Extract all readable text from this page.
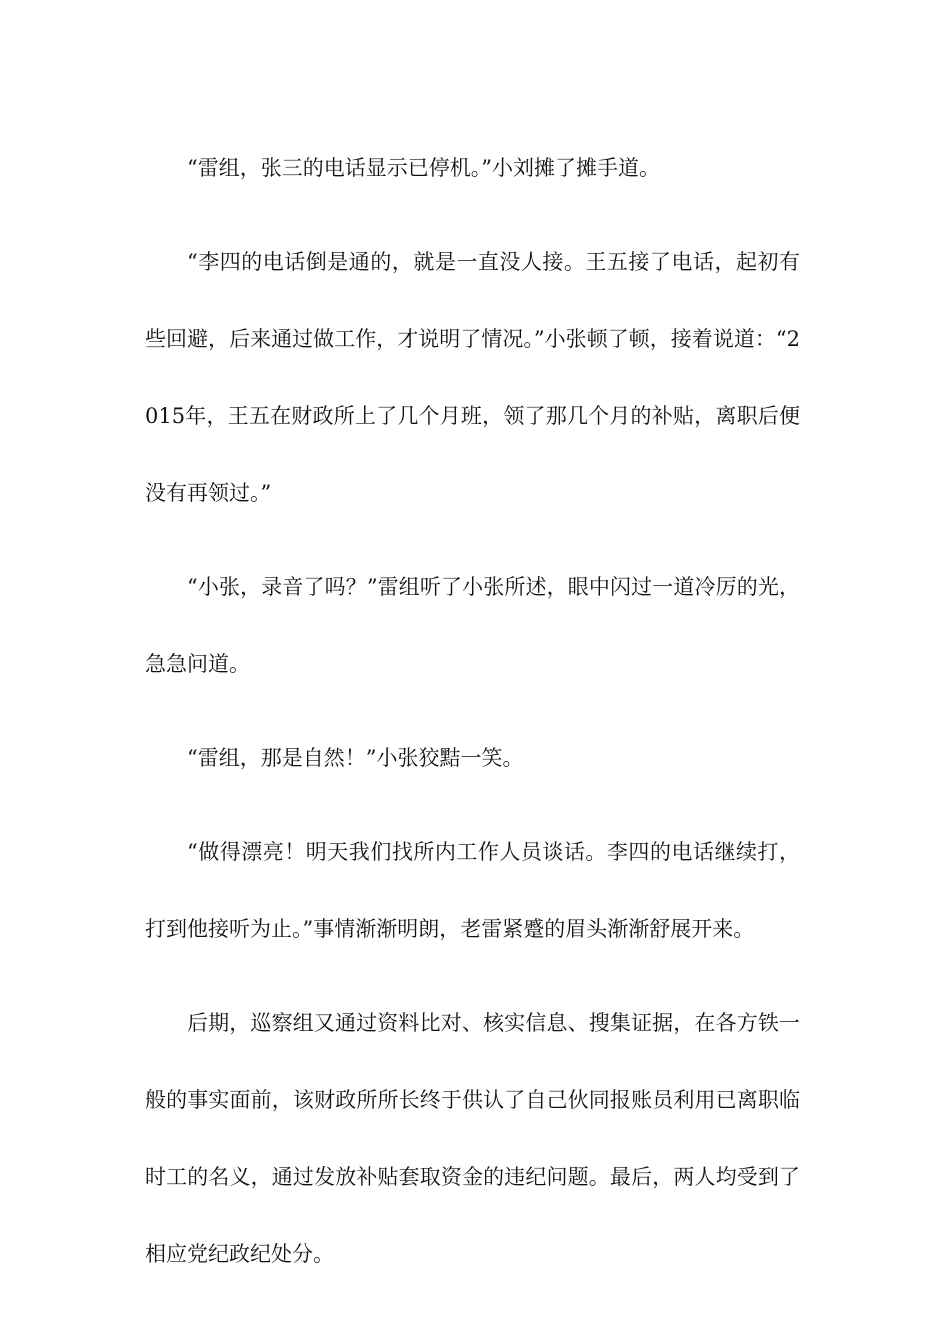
“雷组，张三的电话显示已停机。”小刘摊了摊手道。

“李四的电话倒是通的，就是一直没人接。王五接了电话，起初有些回避，后来通过做工作，才说明了情况。”小张顿了顿，接着说道：“2015年，王五在财政所上了几个月班，领了那几个月的补贴，离职后便没有再领过。”

“小张，录音了吗？”雷组听了小张所述，眼中闪过一道冷厉的光，急急问道。

“雷组，那是自然！”小张狡黠一笑。

“做得漂亮！明天我们找所内工作人员谈话。李四的电话继续打，打到他接听为止。”事情渐渐明朗，老雷紧蹙的眉头渐渐舒展开来。

后期，巡察组又通过资料比对、核实信息、搜集证据，在各方铁一般的事实面前，该财政所所长终于供认了自己伙同报账员利用已离职临时工的名义，通过发放补贴套取资金的违纪问题。最后，两人均受到了相应党纪政纪处分。
